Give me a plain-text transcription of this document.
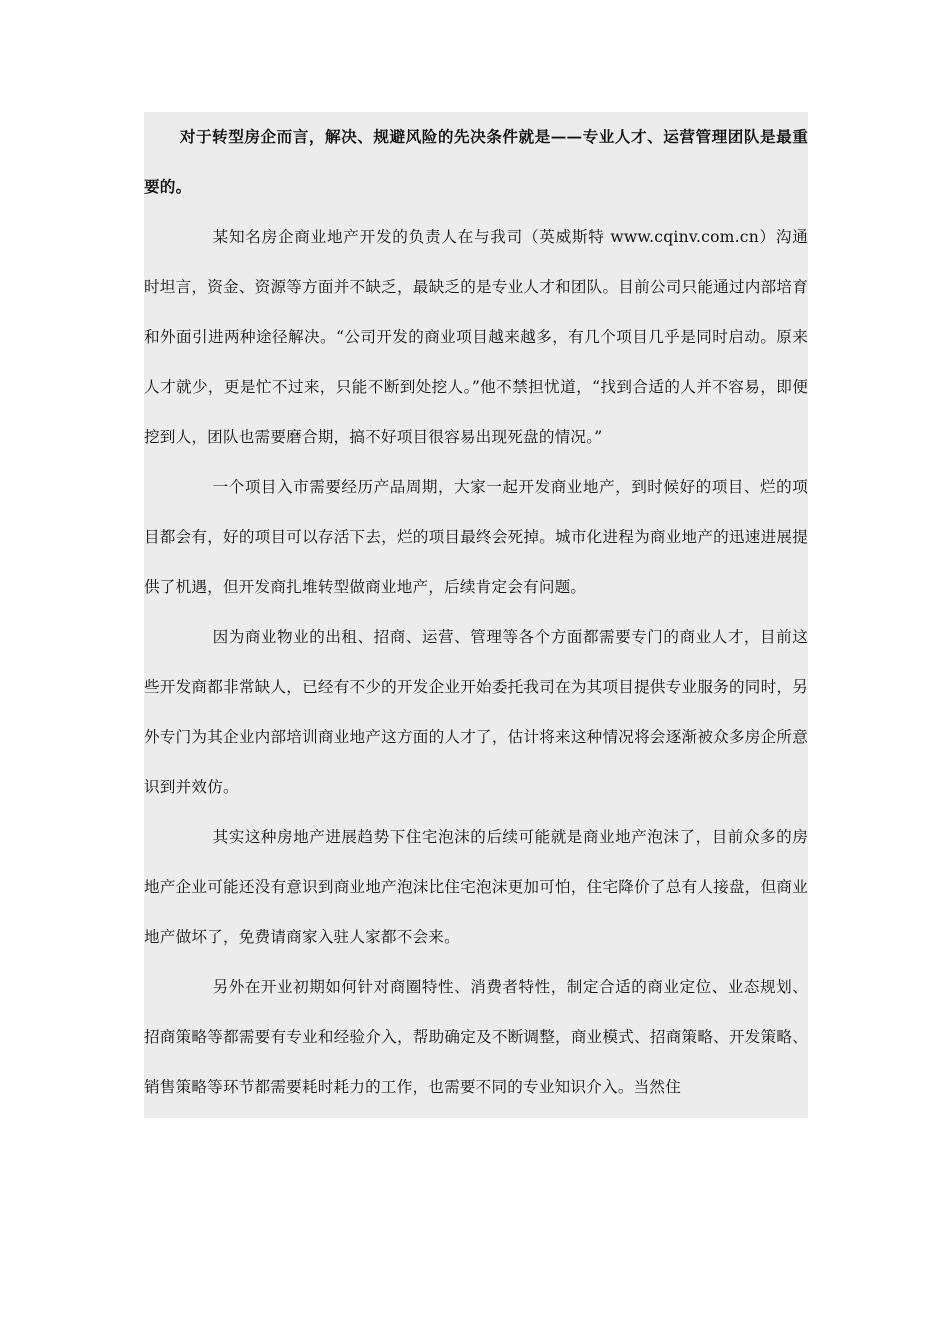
对于转型房企而言，解决、规避风险的先决条件就是——专业人才、运营管理团队是最重要的。

某知名房企商业地产开发的负责人在与我司（英威斯特 www.cqinv.com.cn）沟通时坦言，资金、资源等方面并不缺乏，最缺乏的是专业人才和团队。目前公司只能通过内部培育和外面引进两种途径解决。“公司开发的商业项目越来越多，有几个项目几乎是同时启动。原来人才就少，更是忙不过来，只能不断到处挖人。”他不禁担忧道，“找到合适的人并不容易，即便挖到人，团队也需要磨合期，搞不好项目很容易出现死盘的情况。”

一个项目入市需要经历产品周期，大家一起开发商业地产，到时候好的项目、烂的项目都会有，好的项目可以存活下去，烂的项目最终会死掉。城市化进程为商业地产的迅速进展提供了机遇，但开发商扎堆转型做商业地产，后续肯定会有问题。

因为商业物业的出租、招商、运营、管理等各个方面都需要专门的商业人才，目前这些开发商都非常缺人，已经有不少的开发企业开始委托我司在为其项目提供专业服务的同时，另外专门为其企业内部培训商业地产这方面的人才了，估计将来这种情况将会逐渐被众多房企所意识到并效仿。

其实这种房地产进展趋势下住宅泡沫的后续可能就是商业地产泡沫了，目前众多的房地产企业可能还没有意识到商业地产泡沫比住宅泡沫更加可怕，住宅降价了总有人接盘，但商业地产做坏了，免费请商家入驻人家都不会来。

另外在开业初期如何针对商圈特性、消费者特性，制定合适的商业定位、业态规划、招商策略等都需要有专业和经验介入，帮助确定及不断调整，商业模式、招商策略、开发策略、销售策略等环节都需要耗时耗力的工作，也需要不同的专业知识介入。当然住
